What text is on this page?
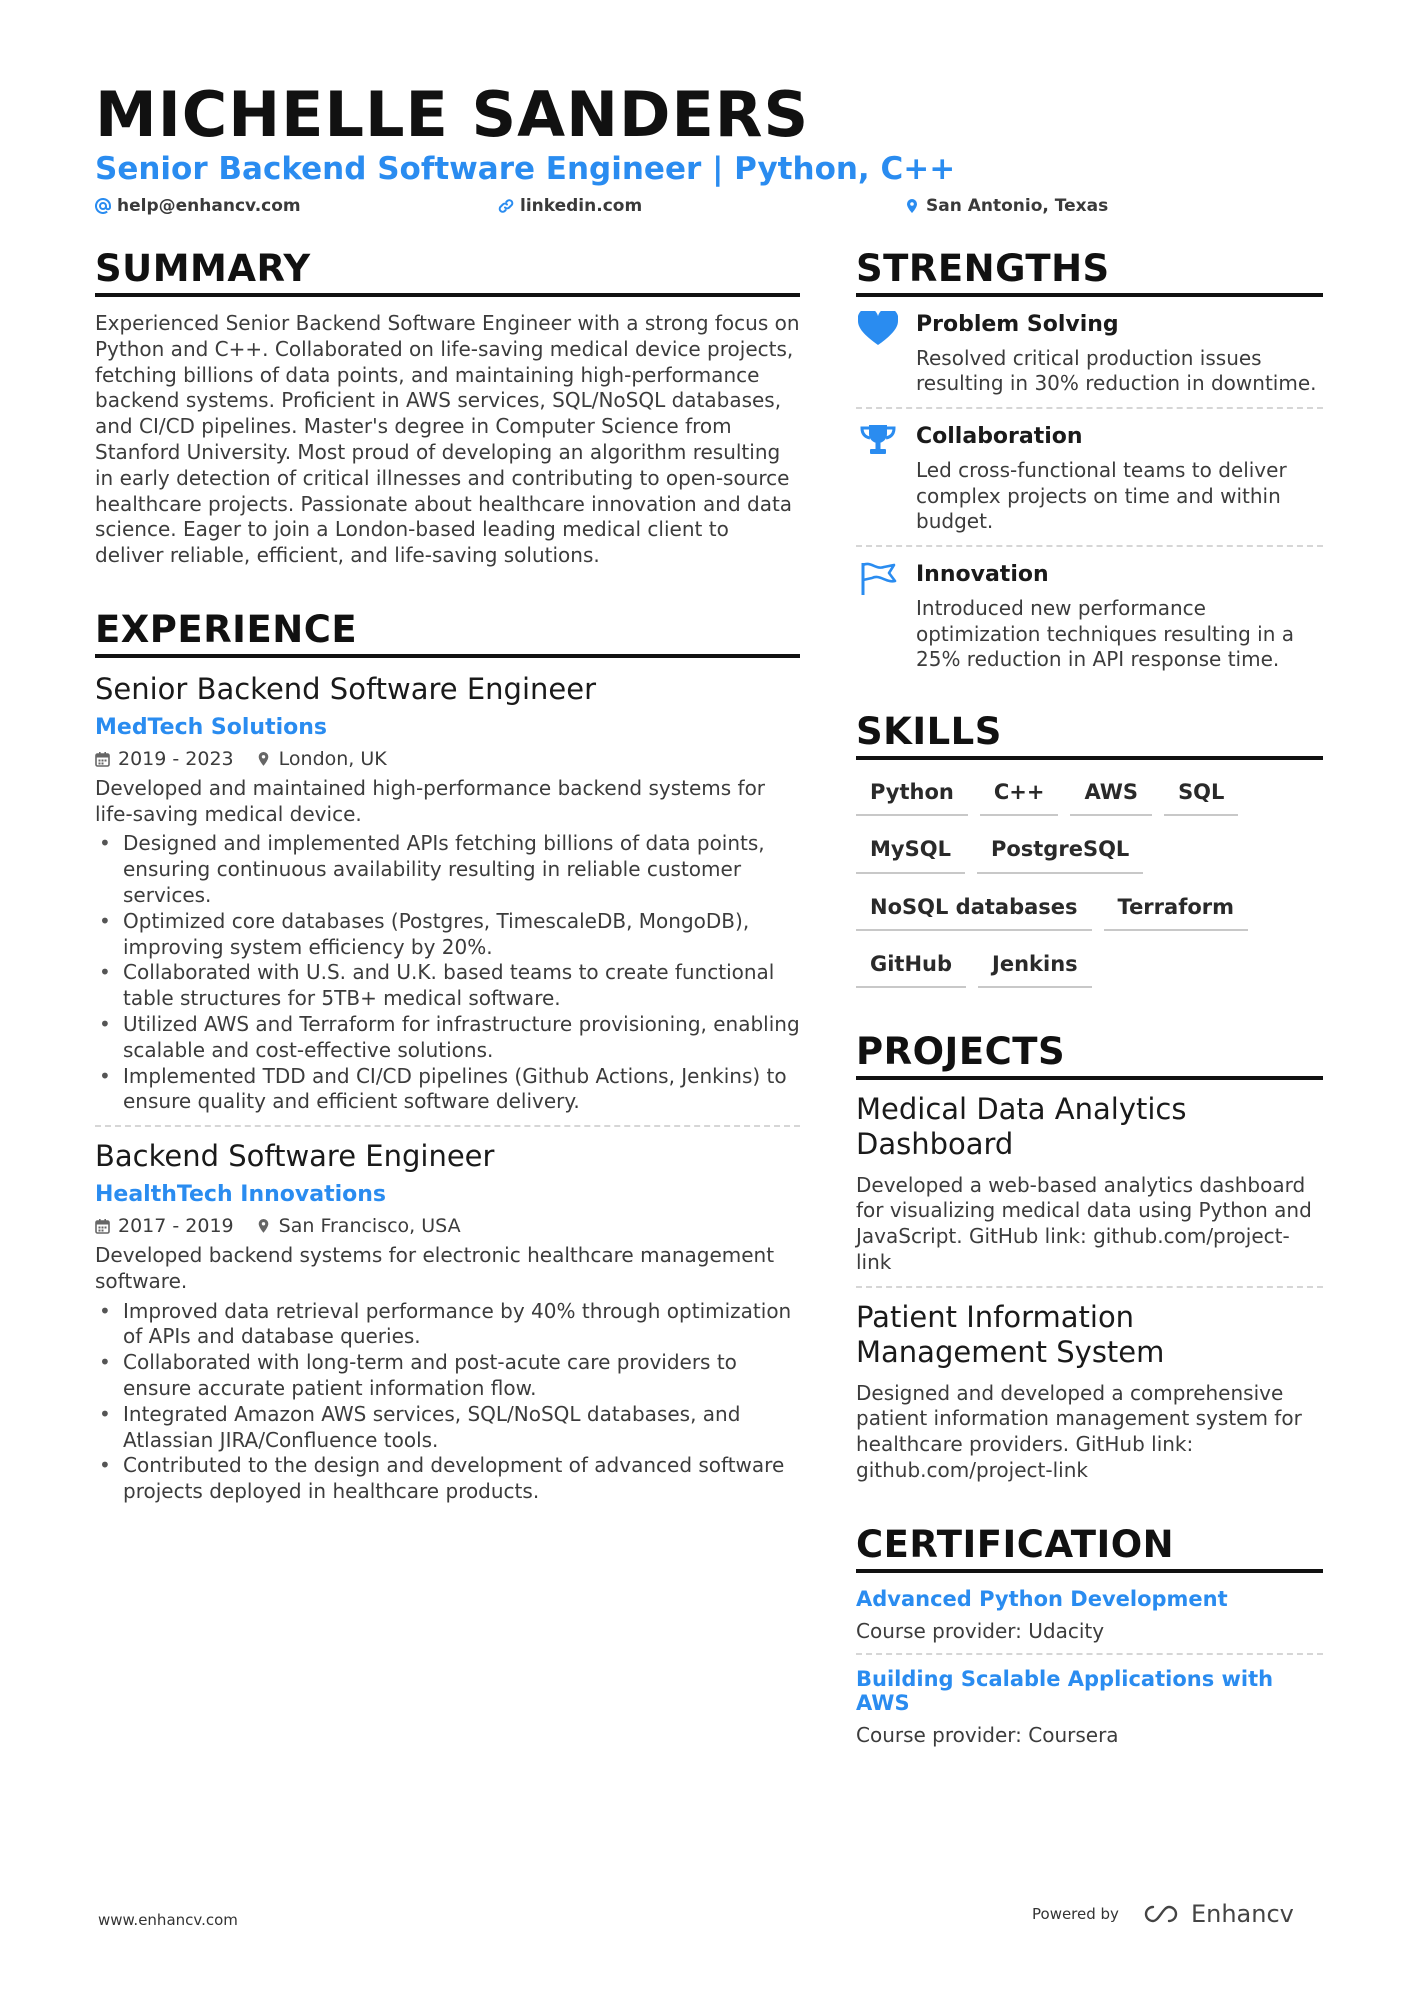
MICHELLE SANDERS
Senior Backend Software Engineer | Python, C++
help@enhancv.com	linkedin.com	San Antonio, Texas
SUMMARY
Experienced Senior Backend Software Engineer with a strong focus on Python and C++. Collaborated on life-saving medical device projects, fetching billions of data points, and maintaining high-performance backend systems. Proficient in AWS services, SQL/NoSQL databases, and CI/CD pipelines. Master's degree in Computer Science from Stanford University. Most proud of developing an algorithm resulting in early detection of critical illnesses and contributing to open-source healthcare projects. Passionate about healthcare innovation and data science. Eager to join a London-based leading medical client to deliver reliable, efficient, and life-saving solutions.
EXPERIENCE
Senior Backend Software Engineer
MedTech Solutions
2019 - 2023 London, UK
Developed and maintained high-performance backend systems for life-saving medical device.
• Designed and implemented APIs fetching billions of data points, ensuring continuous availability resulting in reliable customer services.
• Optimized core databases (Postgres, TimescaleDB, MongoDB), improving system efficiency by 20%.
• Collaborated with U.S. and U.K. based teams to create functional table structures for 5TB+ medical software.
• Utilized AWS and Terraform for infrastructure provisioning, enabling scalable and cost-effective solutions.
• Implemented TDD and CI/CD pipelines (Github Actions, Jenkins) to ensure quality and efficient software delivery.
Backend Software Engineer
HealthTech Innovations
2017 - 2019 San Francisco, USA
Developed backend systems for electronic healthcare management software.
• Improved data retrieval performance by 40% through optimization of APIs and database queries.
• Collaborated with long-term and post-acute care providers to ensure accurate patient information flow.
• Integrated Amazon AWS services, SQL/NoSQL databases, and Atlassian JIRA/Confluence tools.
• Contributed to the design and development of advanced software projects deployed in healthcare products.
STRENGTHS
Problem Solving
Resolved critical production issues resulting in 30% reduction in downtime.
Collaboration
Led cross-functional teams to deliver complex projects on time and within budget.
Innovation
Introduced new performance optimization techniques resulting in a 25% reduction in API response time.
SKILLS
Python	C++	AWS	SQL
MySQL	PostgreSQL
NoSQL databases	Terraform
GitHub	Jenkins
PROJECTS
Medical Data Analytics Dashboard
Developed a web-based analytics dashboard for visualizing medical data using Python and JavaScript. GitHub link: github.com/project-link
Patient Information Management System
Designed and developed a comprehensive patient information management system for healthcare providers. GitHub link: github.com/project-link
CERTIFICATION
Advanced Python Development
Course provider: Udacity
Building Scalable Applications with AWS
Course provider: Coursera
www.enhancv.com	Powered by	Enhancv
